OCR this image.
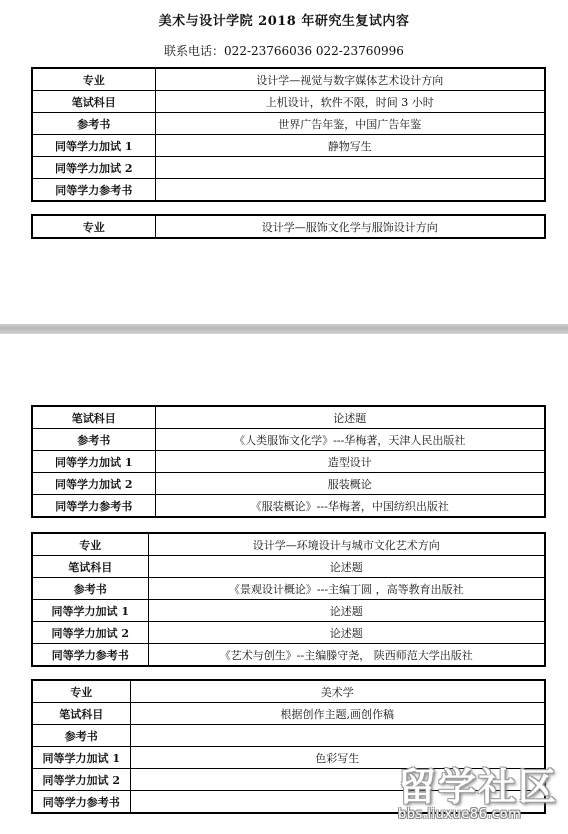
美术与设计学院 2018 年研究生复试内容
联系电话：022-23766036 022-23760996
专业	设计学—视觉与数字媒体艺术设计方向
笔试科目	上机设计，软件不限，时间 3 小时
参考书	世界广告年鉴，中国广告年鉴
同等学力加试 1	静物写生
同等学力加试 2	
同等学力参考书	
专业	设计学—服饰文化学与服饰设计方向
笔试科目	论述题
参考书	《人类服饰文化学》---华梅著，天津人民出版社
同等学力加试 1	造型设计
同等学力加试 2	服装概论
同等学力参考书	《服装概论》---华梅著，中国纺织出版社
专业	设计学—环境设计与城市文化艺术方向
笔试科目	论述题
参考书	《景观设计概论》---主编丁圆 ，高等教育出版社
同等学力加试 1	论述题
同等学力加试 2	论述题
同等学力参考书	《艺术与创生》--主编滕守尧， 陕西师范大学出版社
专业	美术学
笔试科目	根据创作主题,画创作稿
参考书	
同等学力加试 1	色彩写生
同等学力加试 2	
同等学力参考书		留学社区
bbs.liuxue86.com
